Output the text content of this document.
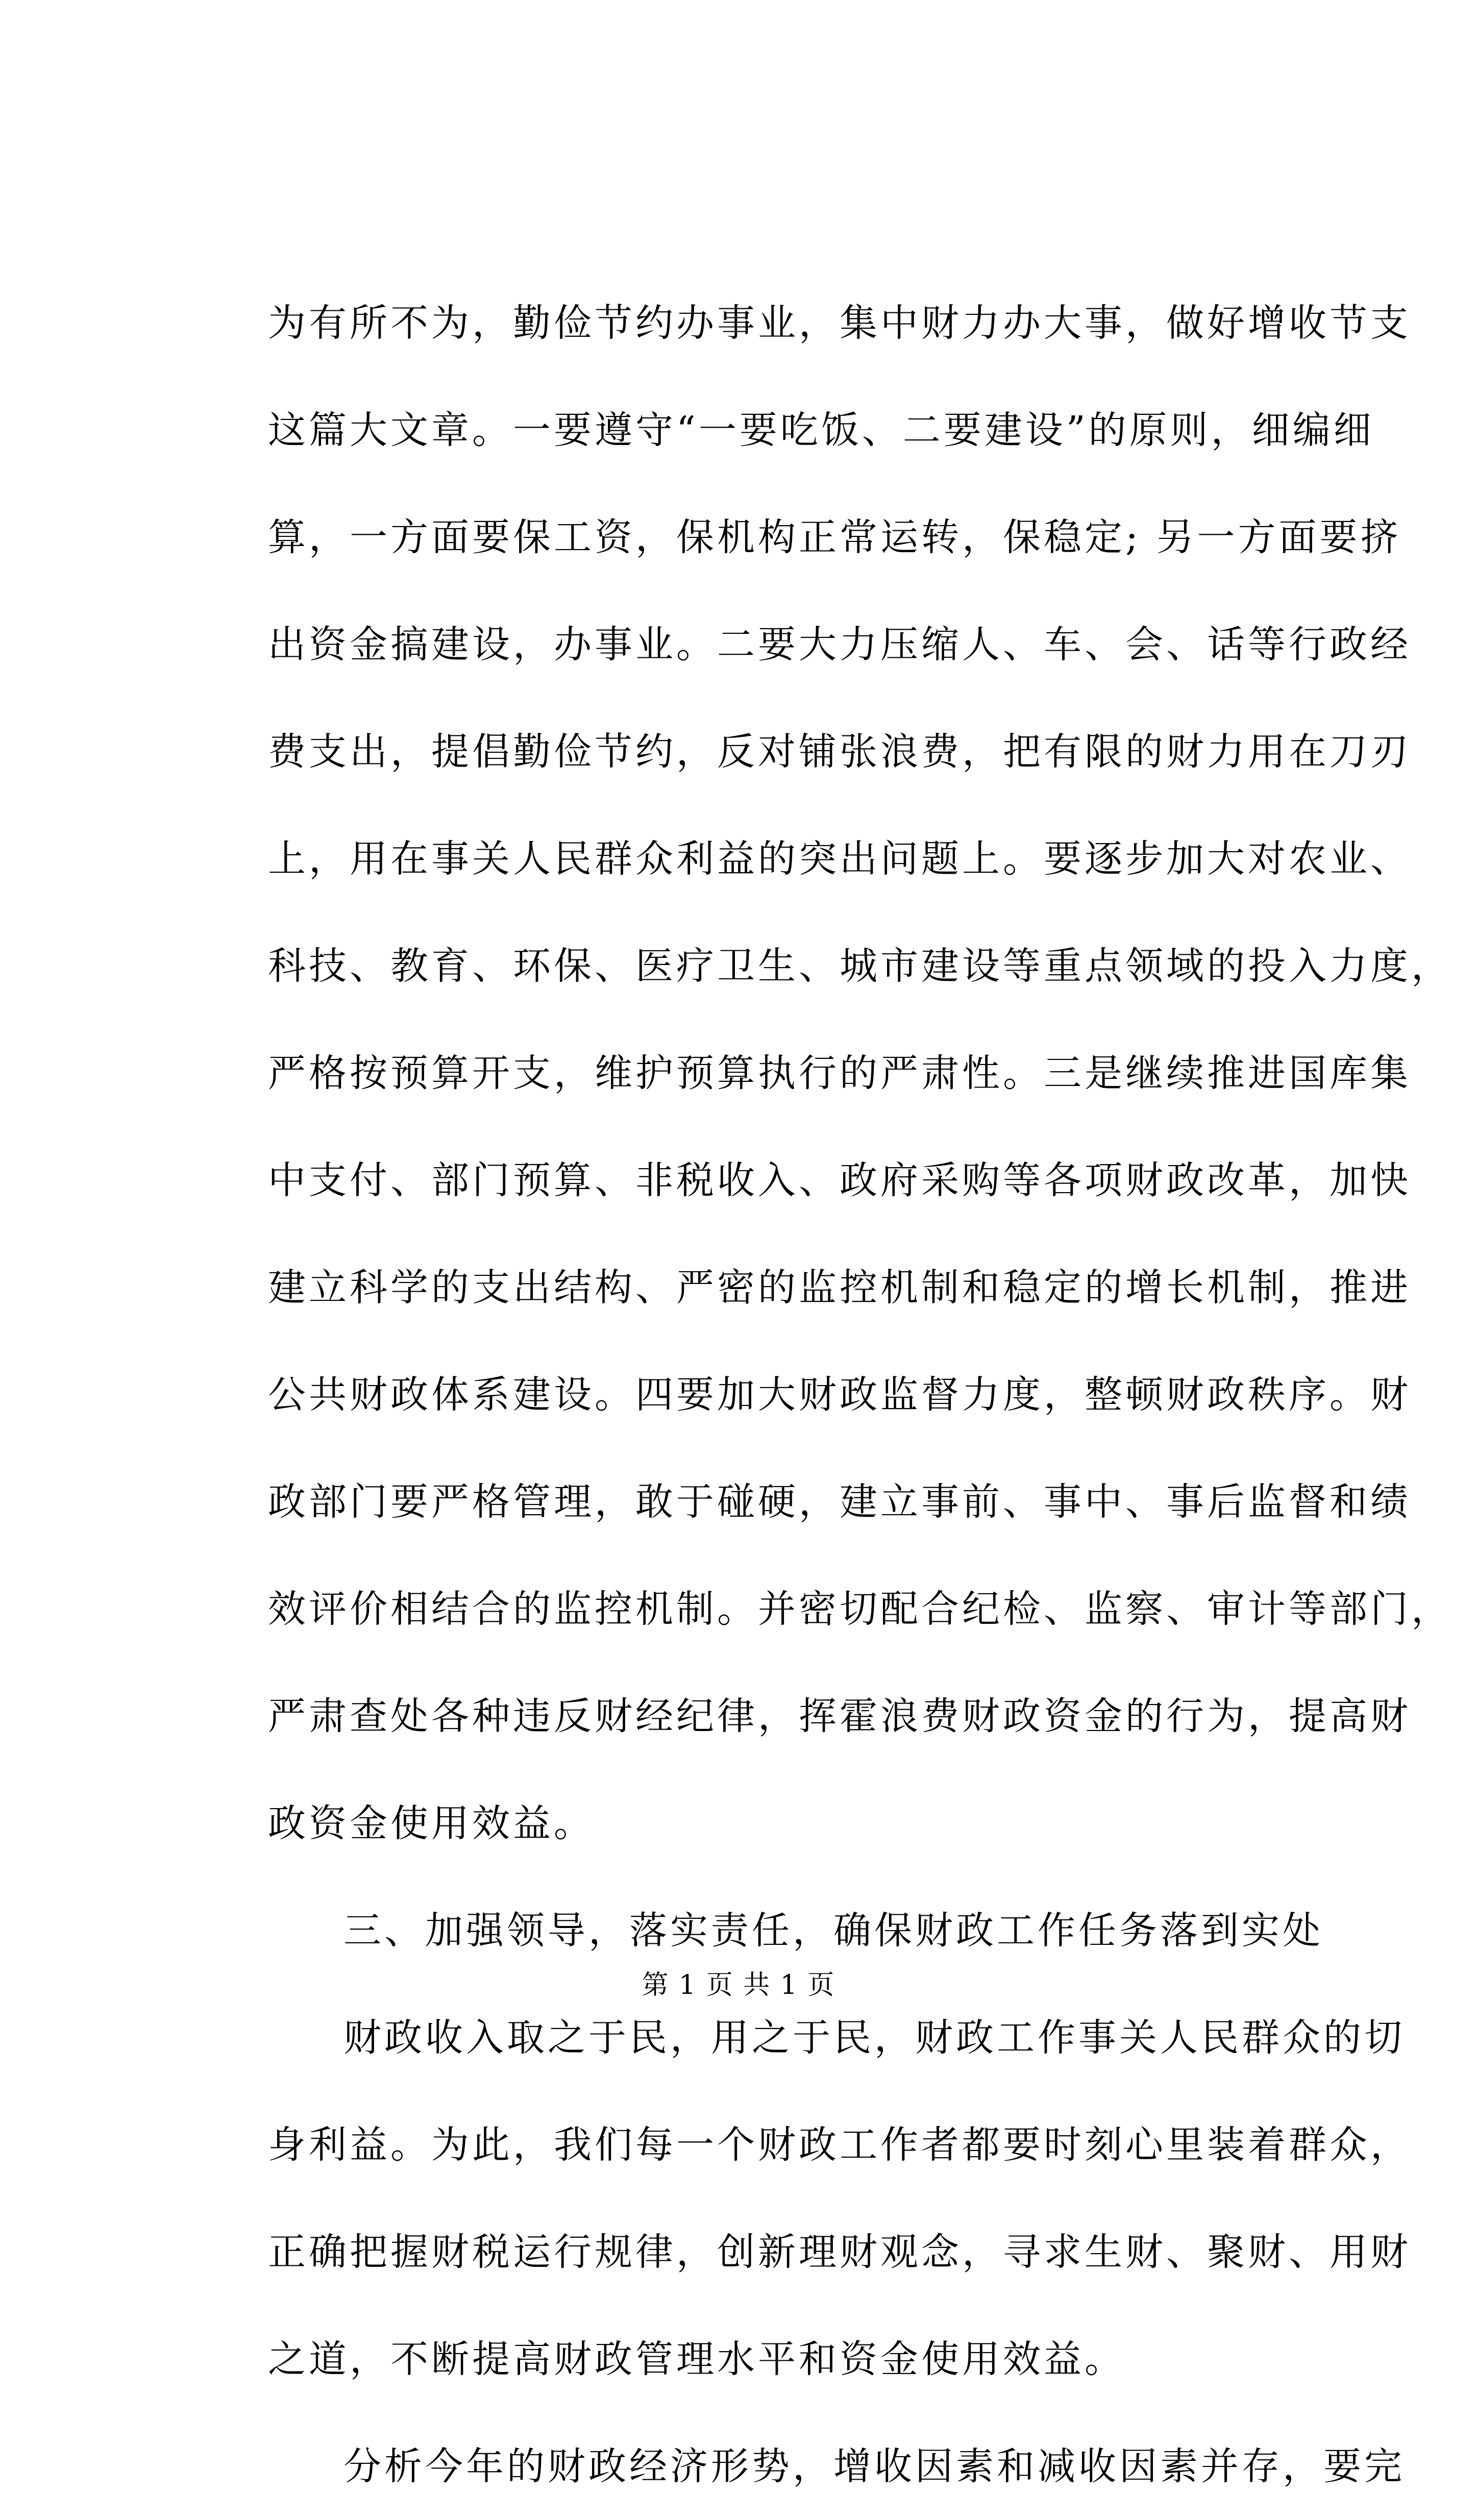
为有所不为，勤俭节约办事业，集中财力办大事，做好增收节支
这篇大文章。一要遵守“一要吃饭、二要建设”的原则，细编细
算，一方面要保工资，保机构正常运转，保稳定; 另一方面要挤
出资金搞建设，办事业。二要大力压缩人、车、会、话等行政经
费支出，提倡勤俭节约，反对铺张浪费，把有限的财力用在刀刃
上，用在事关人民群众利益的突出问题上。要逐步加大对农业、
科技、教育、环保、医疗卫生、城市建设等重点领域的投入力度，
严格按预算开支，维护预算执行的严肃性。三是继续推进国库集
中支付、部门预算、非税收入、政府采购等各项财政改革，加快
建立科学的支出结构、严密的监控机制和稳定的增长机制，推进
公共财政体系建设。四要加大财政监督力度，整顿财政秩序。财
政部门要严格管理，敢于碰硬，建立事前、事中、事后监督和绩
效评价相结合的监控机制。并密切配合纪检、监察、审计等部门，
严肃查处各种违反财经纪律，挥霍浪费财政资金的行为，提高财
政资金使用效益。
三、加强领导，落实责任，确保财政工作任务落到实处
财政收入取之于民，用之于民，财政工作事关人民群众的切
身利益。为此，我们每一个财政工作者都要时刻心里装着群众，
正确把握财税运行规律，创新理财观念，寻求生财、聚财、用财
之道，不断提高财政管理水平和资金使用效益。
分析今年的财政经济形势，增收因素和减收因素并存，要完
第 1 页 共 1 页
